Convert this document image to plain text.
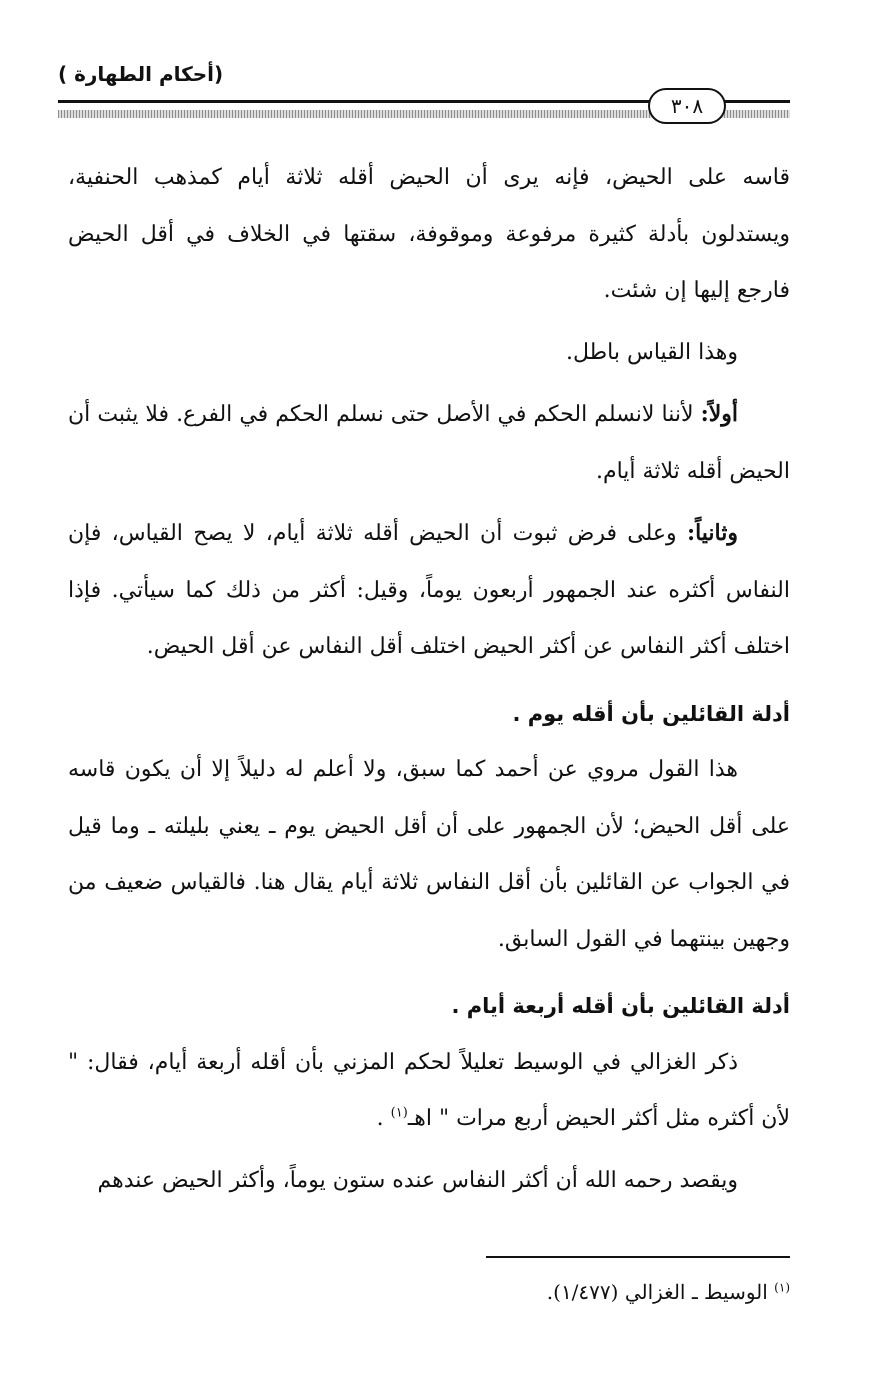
(أحكام الطهارة )
٣٠٨

قاسه على الحيض، فإنه يرى أن الحيض أقله ثلاثة أيام كمذهب الحنفية، ويستدلون بأدلة كثيرة مرفوعة وموقوفة، سقتها في الخلاف في أقل الحيض فارجع إليها إن شئت.

وهذا القياس باطل.

أولاً: لأننا لانسلم الحكم في الأصل حتى نسلم الحكم في الفرع. فلا يثبت أن الحيض أقله ثلاثة أيام.

وثانياً: وعلى فرض ثبوت أن الحيض أقله ثلاثة أيام، لا يصح القياس، فإن النفاس أكثره عند الجمهور أربعون يوماً، وقيل: أكثر من ذلك كما سيأتي. فإذا اختلف أكثر النفاس عن أكثر الحيض اختلف أقل النفاس عن أقل الحيض.

أدلة القائلين بأن أقله يوم .

هذا القول مروي عن أحمد كما سبق، ولا أعلم له دليلاً إلا أن يكون قاسه على أقل الحيض؛ لأن الجمهور على أن أقل الحيض يوم ـ يعني بليلته ـ وما قيل في الجواب عن القائلين بأن أقل النفاس ثلاثة أيام يقال هنا. فالقياس ضعيف من وجهين بينتهما في القول السابق.

أدلة القائلين بأن أقله أربعة أيام .

ذكر الغزالي في الوسيط تعليلاً لحكم المزني بأن أقله أربعة أيام، فقال: " لأن أكثره مثل أكثر الحيض أربع مرات " اهـ$^{(١)}$ .

ويقصد رحمه الله أن أكثر النفاس عنده ستون يوماً، وأكثر الحيض عندهم

$^{(١)}$ الوسيط ـ الغزالي (١/٤٧٧).
